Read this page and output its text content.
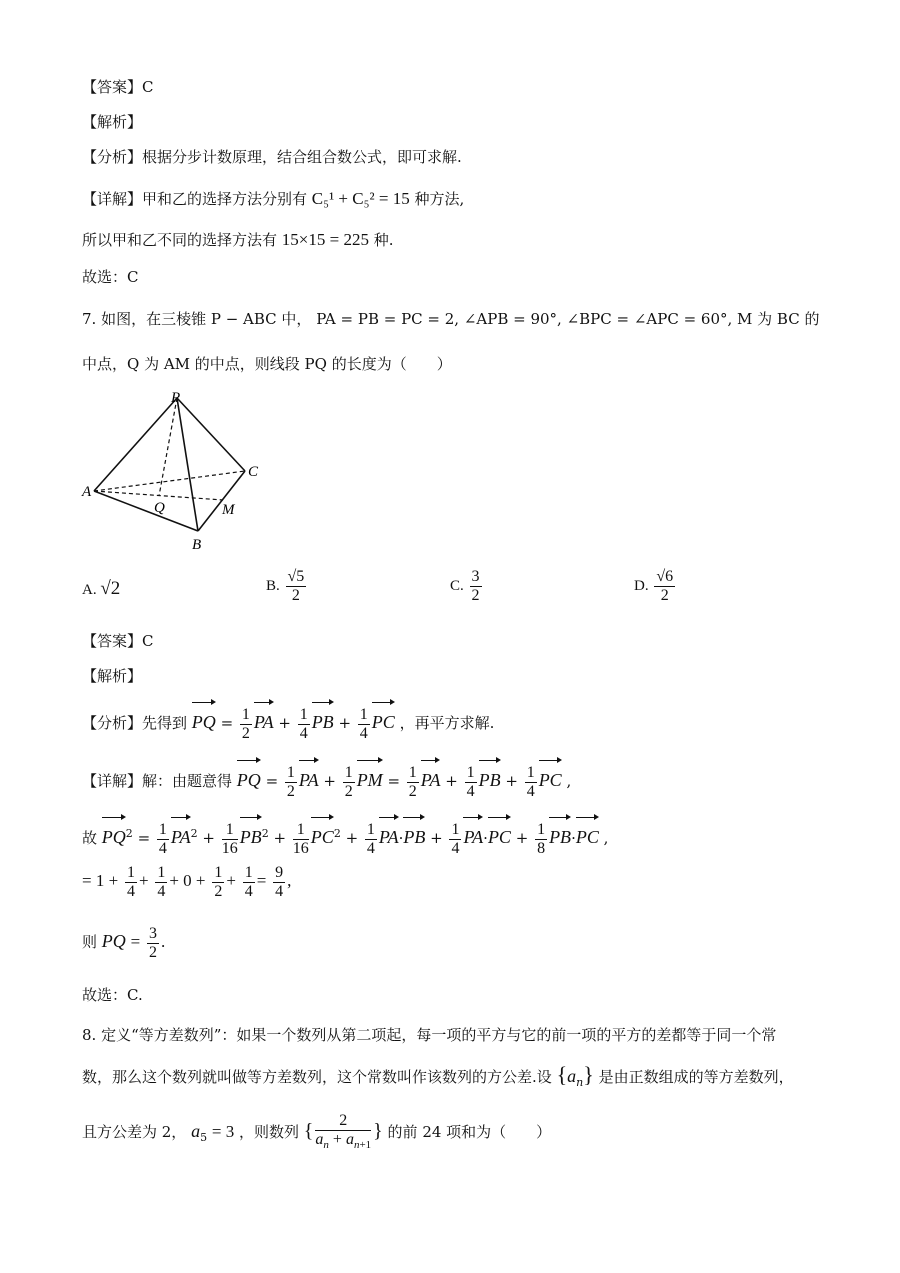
【答案】C
【解析】
【分析】根据分步计数原理，结合组合数公式，即可求解.
【详解】甲和乙的选择方法分别有 C₅¹ + C₅² = 15 种方法,
所以甲和乙不同的选择方法有 15×15 = 225 种.
故选：C
7. 如图，在三棱锥 P − ABC 中， PA = PB = PC = 2, ∠APB = 90°, ∠BPC = ∠APC = 60°, M 为 BC 的
中点，Q 为 AM 的中点，则线段 PQ 的长度为（　　）
P
A
B
C
Q	M
A. √2	B. $\frac{√5}{2}$	C. $\frac{3}{2}$	D. $\frac{√6}{2}$
【答案】C
【解析】
【分析】先得到 PQ = $\frac{1}{2}$ PA + $\frac{1}{4}$ PB + $\frac{1}{4}$ PC ，再平方求解.
【详解】解：由题意得 PQ = $\frac{1}{2}$ PA + $\frac{1}{2}$ PM = $\frac{1}{2}$ PA + $\frac{1}{4}$ PB + $\frac{1}{4}$ PC ,
故 $PQ^2 = \frac{1}{4} PA^2 + \frac{1}{16} PB^2 + \frac{1}{16} PC^2 + \frac{1}{4} PA\cdot PB + \frac{1}{4} PA\cdot PC + \frac{1}{8} PB\cdot PC$ ,
= $1 + \frac{1}{4} + \frac{1}{4} + 0 + \frac{1}{2} + \frac{1}{4} = \frac{9}{4}$ ,
则 PQ = $\frac{3}{2}$ .
故选：C.
8. 定义“等方差数列”：如果一个数列从第二项起，每一项的平方与它的前一项的平方的差都等于同一个常
数，那么这个数列就叫做等方差数列，这个常数叫作该数列的方公差.设 $\{a_n\}$ 是由正数组成的等方差数列，
且方公差为 2， $a_5 = 3$ ，则数列 { $\frac{2}{a_n + a_{n+1}}$ } 的前 24 项和为（　　）
